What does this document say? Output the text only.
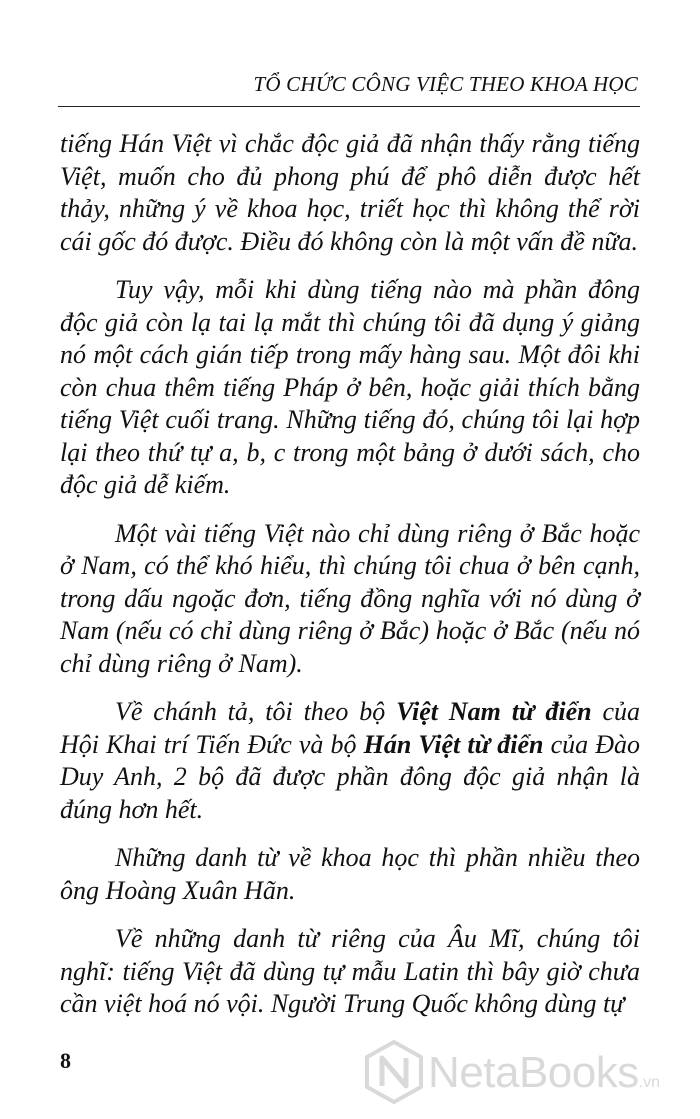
TỔ CHỨC CÔNG VIỆC THEO KHOA HỌC

tiếng Hán Việt vì chắc độc giả đã nhận thấy rằng tiếng Việt, muốn cho đủ phong phú để phô diễn được hết thảy, những ý về khoa học, triết học thì không thể rời cái gốc đó được. Điều đó không còn là một vấn đề nữa.

Tuy vậy, mỗi khi dùng tiếng nào mà phần đông độc giả còn lạ tai lạ mắt thì chúng tôi đã dụng ý giảng nó một cách gián tiếp trong mấy hàng sau. Một đôi khi còn chua thêm tiếng Pháp ở bên, hoặc giải thích bằng tiếng Việt cuối trang. Những tiếng đó, chúng tôi lại hợp lại theo thứ tự a, b, c trong một bảng ở dưới sách, cho độc giả dễ kiếm.

Một vài tiếng Việt nào chỉ dùng riêng ở Bắc hoặc ở Nam, có thể khó hiểu, thì chúng tôi chua ở bên cạnh, trong dấu ngoặc đơn, tiếng đồng nghĩa với nó dùng ở Nam (nếu có chỉ dùng riêng ở Bắc) hoặc ở Bắc (nếu nó chỉ dùng riêng ở Nam).

Về chánh tả, tôi theo bộ Việt Nam từ điển của Hội Khai trí Tiến Đức và bộ Hán Việt từ điển của Đào Duy Anh, 2 bộ đã được phần đông độc giả nhận là đúng hơn hết.

Những danh từ về khoa học thì phần nhiều theo ông Hoàng Xuân Hãn.

Về những danh từ riêng của Âu Mĩ, chúng tôi nghĩ: tiếng Việt đã dùng tự mẫu Latin thì bây giờ chưa cần việt hoá nó vội. Người Trung Quốc không dùng tự

8	NetaBooks.vn
